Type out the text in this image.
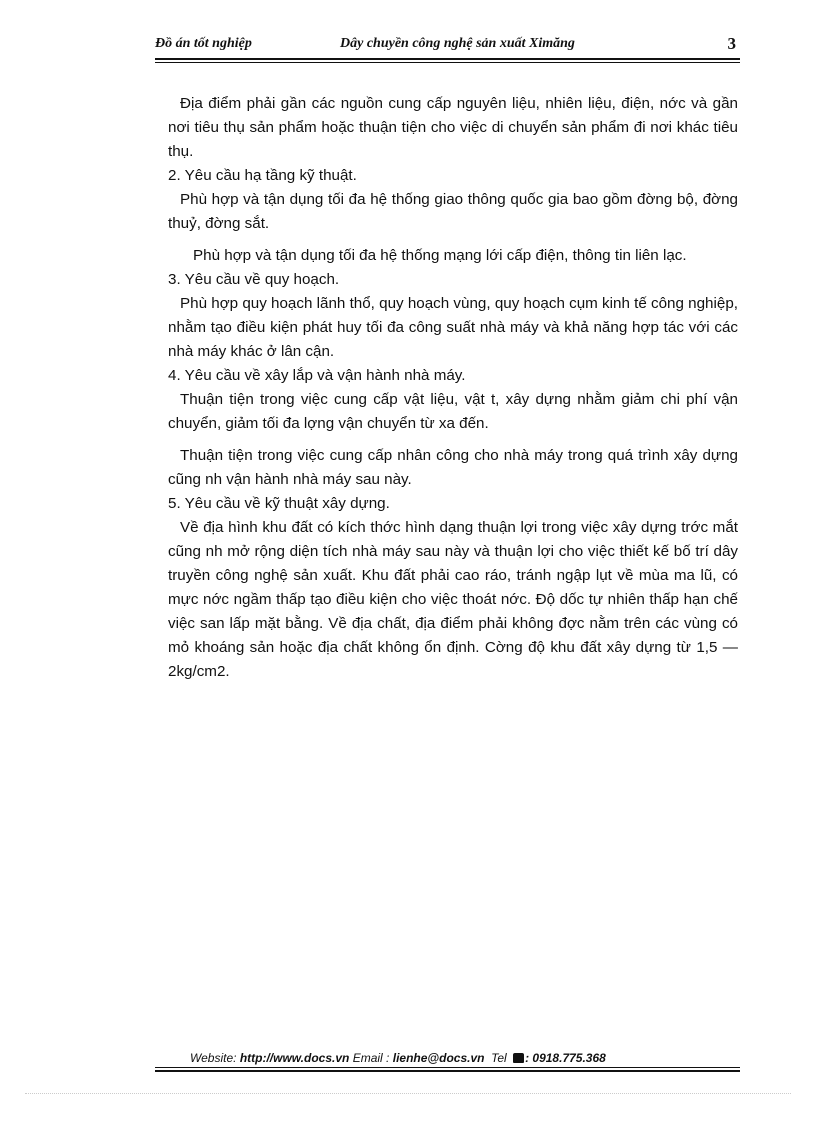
Đồ án tốt nghiệp	Dây chuyền công nghệ sản xuất Ximăng	3

Địa điểm phải gần các nguồn cung cấp nguyên liệu, nhiên liệu, điện, nớc và gần nơi tiêu thụ sản phẩm hoặc thuận tiện cho việc di chuyển sản phẩm đi nơi khác tiêu thụ.

2. Yêu cầu hạ tầng kỹ thuật.

Phù hợp và tận dụng tối đa hệ thống giao thông quốc gia bao gồm đờng bộ, đờng thuỷ, đờng sắt.

Phù hợp và tận dụng tối đa hệ thống mạng lới cấp điện, thông tin liên lạc.

3. Yêu cầu về quy hoạch.

Phù hợp quy hoạch lãnh thổ, quy hoạch vùng, quy hoạch cụm kinh tế công nghiệp, nhằm tạo điều kiện phát huy tối đa công suất nhà máy và khả năng hợp tác với các nhà máy khác ở lân cận.

4. Yêu cầu về xây lắp và vận hành nhà máy.

Thuận tiện trong việc cung cấp vật liệu, vật t, xây dựng nhằm giảm chi phí vận chuyển, giảm tối đa lợng vận chuyển từ xa đến.

Thuận tiện trong việc cung cấp nhân công cho nhà máy trong quá trình xây dựng cũng nh vận hành nhà máy sau này.

5. Yêu cầu về kỹ thuật xây dựng.

Về địa hình khu đất có kích thớc hình dạng thuận lợi trong việc xây dựng trớc mắt cũng nh mở rộng diện tích nhà máy sau này và thuận lợi cho việc thiết kế bố trí dây truyền công nghệ sản xuất. Khu đất phải cao ráo, tránh ngập lụt về mùa ma lũ, có mực nớc ngầm thấp tạo điều kiện cho việc thoát nớc. Độ dốc tự nhiên thấp hạn chế việc san lấp mặt bằng. Về địa chất, địa điểm phải không đợc nằm trên các vùng có mỏ khoáng sản hoặc địa chất không ổn định. Cờng độ khu đất xây dựng từ 1,5 — 2kg/cm2.

Website: http://www.docs.vn Email : lienhe@docs.vn Tel : 0918.775.368
